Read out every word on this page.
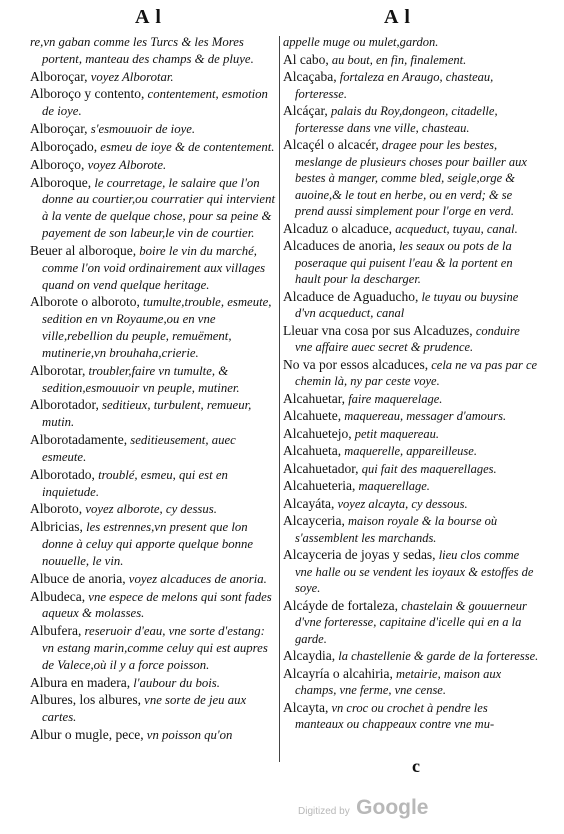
A l	A l
re,vn gaban comme les Turcs & les Mores portent, manteau des champs & de pluye.
Alboroçar, voyez Alborotar.
Alboroço y contento, contentement, esmotion de ioye.
Alboroçar, s'esmouuoir de ioye.
Alboroçado, esmeu de ioye & de contentement.
Alboroço, voyez Alborote.
Alboroque, le courretage, le salaire que l'on donne au courtier,ou courratier qui intervient à la vente de quelque chose, pour sa peine & payement de son labeur,le vin de courtier.
Beuer al alboroque, boire le vin du marché, comme l'on void ordinairement aux villages quand on vend quelque heritage.
Alborote o alboroto, tumulte,trouble, esmeute, sedition en vn Royaume,ou en vne ville,rebellion du peuple, remuëment, mutinerie,vn brouhaha,crierie.
Alborotar, troubler,faire vn tumulte, & sedition,esmouuoir vn peuple, mutiner.
Alborotador, seditieux, turbulent, remueur, mutin.
Alborotadamente, seditieusement, auec esmeute.
Alborotado, troublé, esmeu, qui est en inquietude.
Alboroto, voyez alborote, cy dessus.
Albricias, les estrennes,vn present que lon donne à celuy qui apporte quelque bonne nouuelle, le vin.
Albuce de anoria, voyez alcaduces de anoria.
Albudeca, vne espece de melons qui sont fades aqueux & molasses.
Albufera, reseruoir d'eau, vne sorte d'estang: vn estang marin,comme celuy qui est aupres de Valece,où il y a force poisson.
Albura en madera, l'aubour du bois.
Albures, los albures, vne sorte de jeu aux cartes.
Albur o mugle, pece, vn poisson qu'on
appelle muge ou mulet,gardon.
Al cabo, au bout, en fin, finalement.
Alcaçaba, fortaleza en Araugo, chasteau, forteresse.
Alcáçar, palais du Roy,dongeon, citadelle, forteresse dans vne ville, chasteau.
Alcaçél o alcacér, dragee pour les bestes, meslange de plusieurs choses pour bailler aux bestes à manger, comme bled, seigle,orge & auoine,& le tout en herbe, ou en verd; & se prend aussi simplement pour l'orge en verd.
Alcaduz o alcaduce, acqueduct, tuyau, canal.
Alcaduces de anoria, les seaux ou pots de la poseraque qui puisent l'eau & la portent en hault pour la descharger.
Alcaduce de Aguaducho, le tuyau ou buysine d'vn acqueduct, canal
Lleuar vna cosa por sus Alcaduzes, conduire vne affaire auec secret & prudence.
No va por essos alcaduces, cela ne va pas par ce chemin là, ny par ceste voye.
Alcahuetar, faire maquerelage.
Alcahuete, maquereau, messager d'amours.
Alcahuetejo, petit maquereau.
Alcahueta, maquerelle, appareilleuse.
Alcahuetador, qui fait des maquerellages.
Alcahueteria, maquerellage.
Alcayáta, voyez alcayta, cy dessous.
Alcayceria, maison royale & la bourse où s'assemblent les marchands.
Alcayceria de joyas y sedas, lieu clos comme vne halle ou se vendent les ioyaux & estoffes de soye.
Alcáyde de fortaleza, chastelain & gouuerneur d'vne forteresse, capitaine d'icelle qui en a la garde.
Alcaydia, la chastellenie & garde de la forteresse.
Alcayría o alcahiria, metairie, maison aux champs, vne ferme, vne cense.
Alcayta, vn croc ou crochet à pendre les manteaux ou chappeaux contre vne mu-
c
Digitized by Google
